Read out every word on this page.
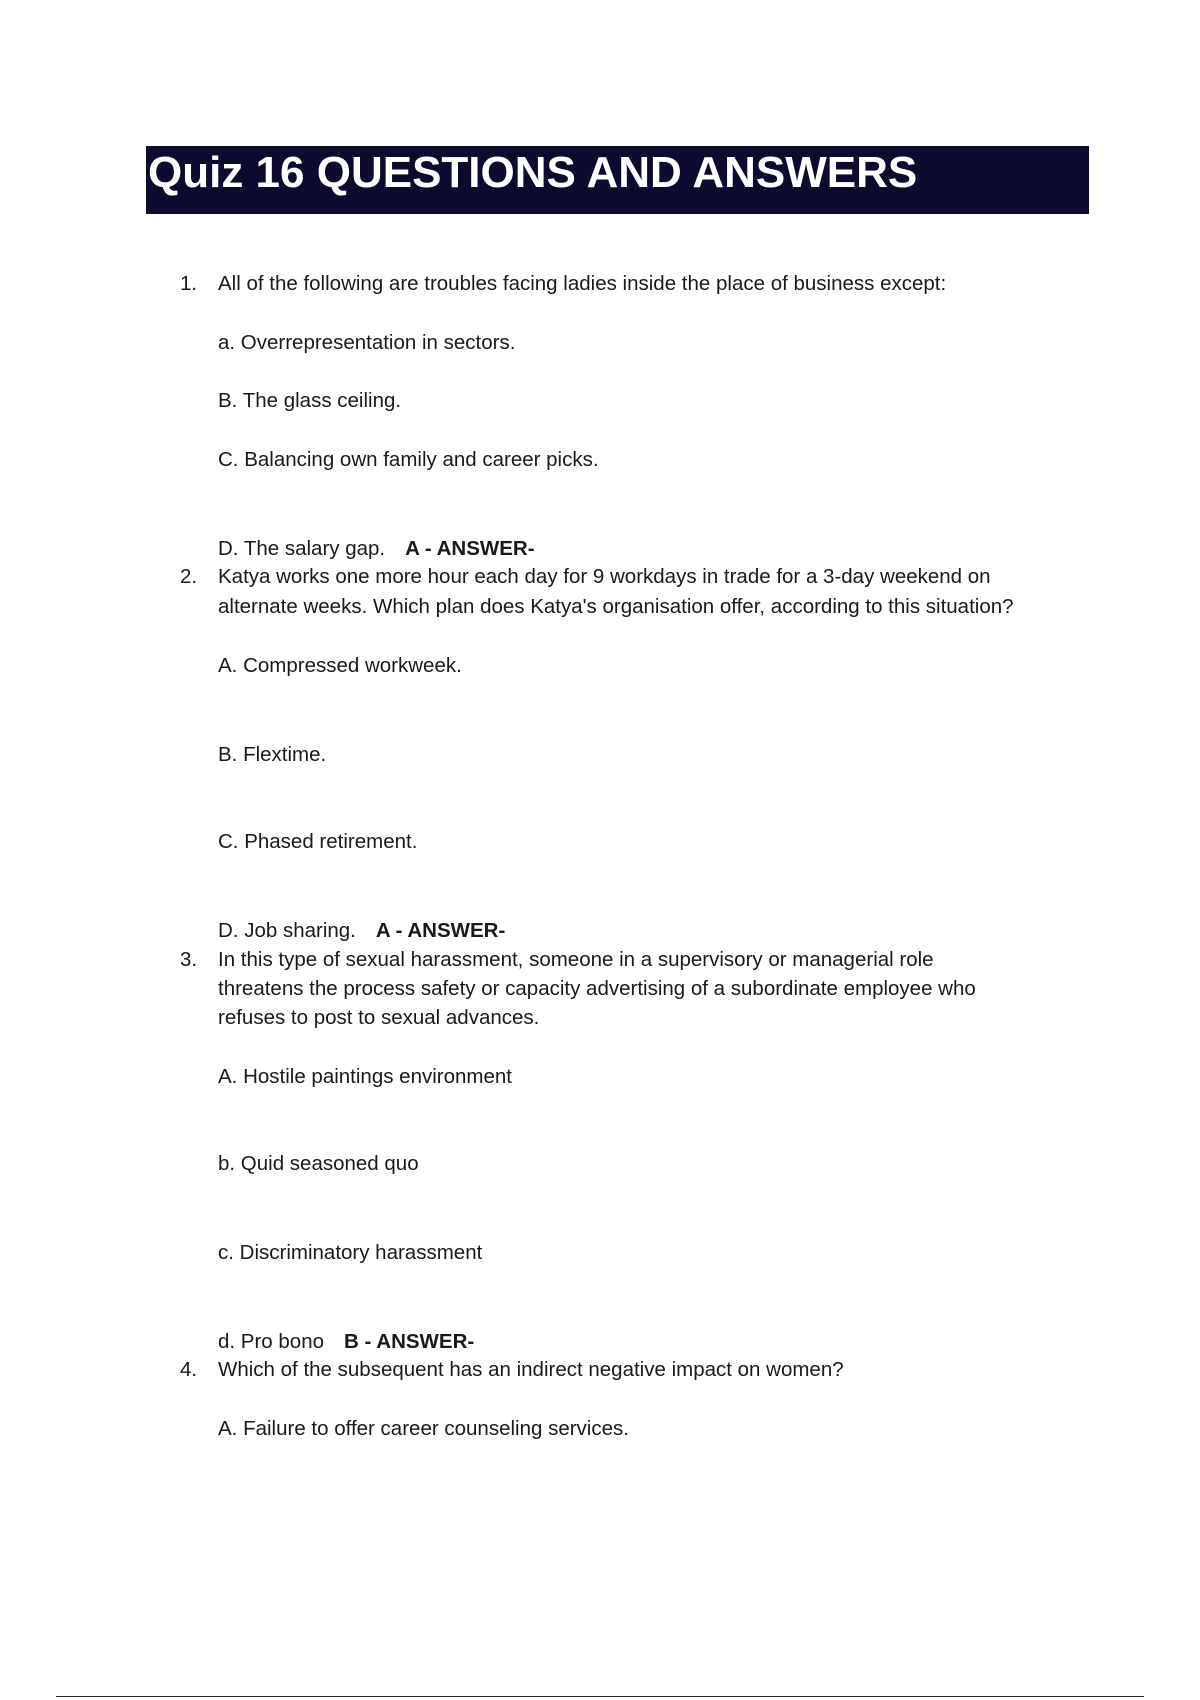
Quiz 16 QUESTIONS AND ANSWERS
1. All of the following are troubles facing ladies inside the place of business except:
a. Overrepresentation in sectors.
B. The glass ceiling.
C. Balancing own family and career picks.
D. The salary gap. A - ANSWER-
2. Katya works one more hour each day for 9 workdays in trade for a 3-day weekend on
alternate weeks. Which plan does Katya's organisation offer, according to this situation?
A. Compressed workweek.
B. Flextime.
C. Phased retirement.
D. Job sharing. A - ANSWER-
3. In this type of sexual harassment, someone in a supervisory or managerial role
threatens the process safety or capacity advertising of a subordinate employee who
refuses to post to sexual advances.
A. Hostile paintings environment
b. Quid seasoned quo
c. Discriminatory harassment
d. Pro bono B - ANSWER-
4. Which of the subsequent has an indirect negative impact on women?
A. Failure to offer career counseling services.
